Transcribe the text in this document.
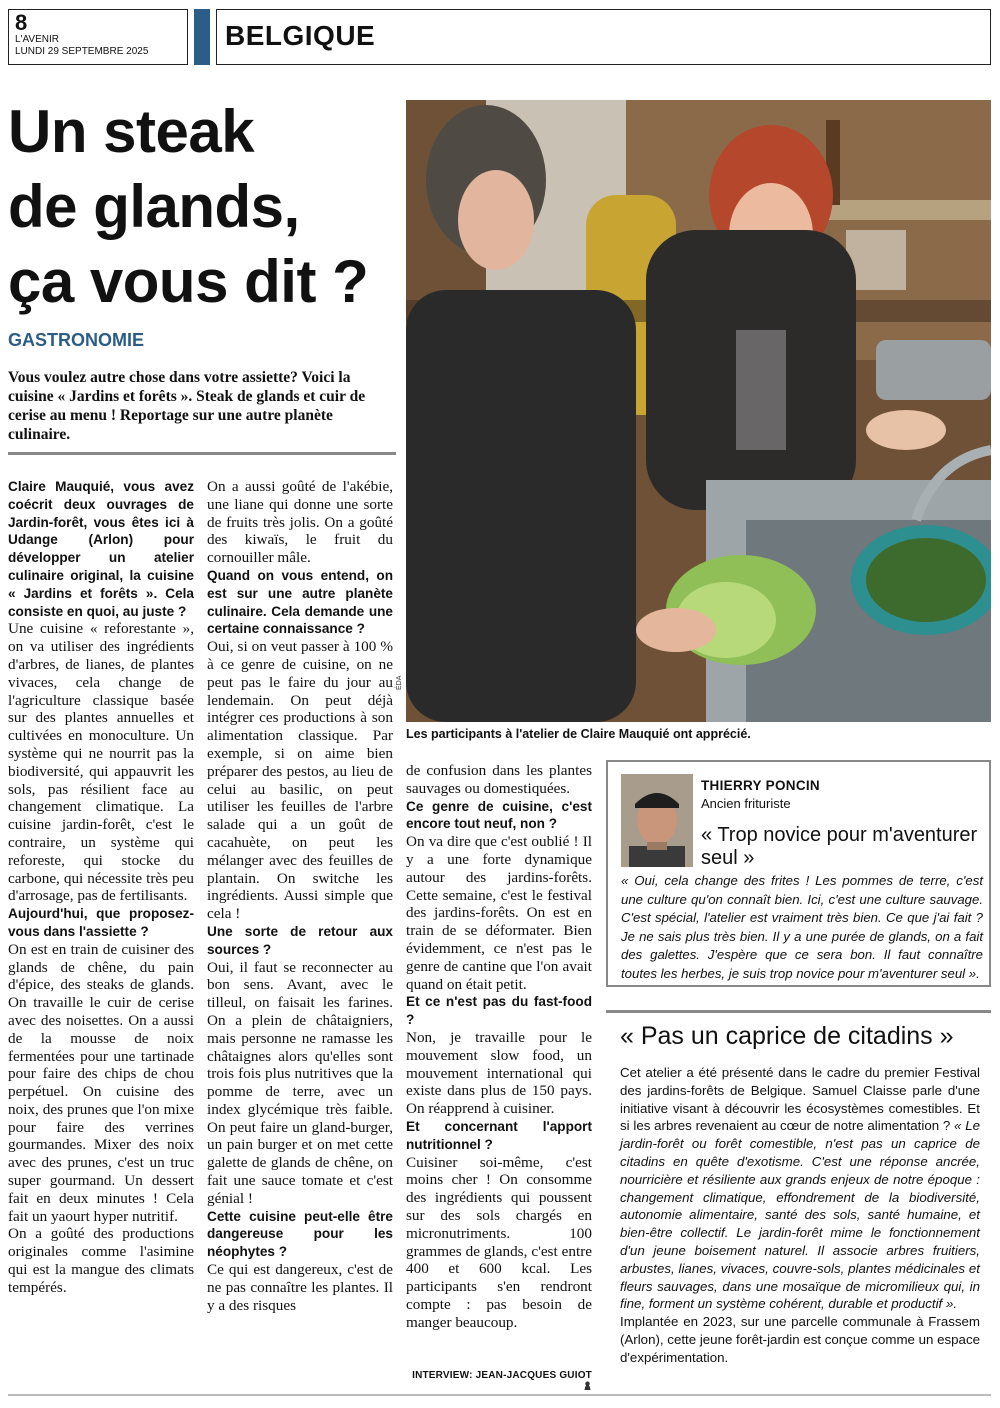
8
L'AVENIR
LUNDI 29 SEPTEMBRE 2025
BELGIQUE
Un steak
de glands,
ça vous dit ?
GASTRONOMIE

Vous voulez autre chose dans votre assiette? Voici la cuisine « Jardins et forêts ». Steak de glands et cuir de cerise au menu ! Reportage sur une autre planète culinaire.

ÉDA
Les participants à l'atelier de Claire Mauquié ont apprécié.
Claire Mauquié, vous avez coécrit deux ouvrages de Jardin-forêt, vous êtes ici à Udange (Arlon) pour développer un atelier culinaire original, la cuisine « Jardins et forêts ». Cela consiste en quoi, au juste ?
Une cuisine « reforestante », on va utiliser des ingrédients d'arbres, de lianes, de plantes vivaces, cela change de l'agriculture classique basée sur des plantes annuelles et cultivées en monoculture. Un système qui ne nourrit pas la biodiversité, qui appauvrit les sols, pas résilient face au changement climatique. La cuisine jardin-forêt, c'est le contraire, un système qui reforeste, qui stocke du carbone, qui nécessite très peu d'arrosage, pas de fertilisants.
Aujourd'hui, que proposez-vous dans l'assiette ?
On est en train de cuisiner des glands de chêne, du pain d'épice, des steaks de glands. On travaille le cuir de cerise avec des noisettes. On a aussi de la mousse de noix fermentées pour une tartinade pour faire des chips de chou perpétuel. On cuisine des noix, des prunes que l'on mixe pour faire des verrines gourmandes. Mixer des noix avec des prunes, c'est un truc super gourmand. Un dessert fait en deux minutes ! Cela fait un yaourt hyper nutritif.
On a goûté des productions originales comme l'asimine qui est la mangue des climats tempérés.
On a aussi goûté de l'akébie, une liane qui donne une sorte de fruits très jolis. On a goûté des kiwaïs, le fruit du cornouiller mâle.
Quand on vous entend, on est sur une autre planète culinaire. Cela demande une certaine connaissance ?
Oui, si on veut passer à 100 % à ce genre de cuisine, on ne peut pas le faire du jour au lendemain. On peut déjà intégrer ces productions à son alimentation classique. Par exemple, si on aime bien préparer des pestos, au lieu de celui au basilic, on peut utiliser les feuilles de l'arbre salade qui a un goût de cacahuète, on peut les mélanger avec des feuilles de plantain. On switche les ingrédients. Aussi simple que cela !
Une sorte de retour aux sources ?
Oui, il faut se reconnecter au bon sens. Avant, avec le tilleul, on faisait les farines. On a plein de châtaigniers, mais personne ne ramasse les châtaignes alors qu'elles sont trois fois plus nutritives que la pomme de terre, avec un index glycémique très faible. On peut faire un gland-burger, un pain burger et on met cette galette de glands de chêne, on fait une sauce tomate et c'est génial !
Cette cuisine peut-elle être dangereuse pour les néophytes ?
Ce qui est dangereux, c'est de ne pas connaître les plantes. Il y a des risques
de confusion dans les plantes sauvages ou domestiquées.
Ce genre de cuisine, c'est encore tout neuf, non ?
On va dire que c'est oublié ! Il y a une forte dynamique autour des jardins-forêts. Cette semaine, c'est le festival des jardins-forêts. On est en train de se déformater. Bien évidemment, ce n'est pas le genre de cantine que l'on avait quand on était petit.
Et ce n'est pas du fast-food ?
Non, je travaille pour le mouvement slow food, un mouvement international qui existe dans plus de 150 pays. On réapprend à cuisiner.
Et concernant l'apport nutritionnel ?
Cuisiner soi-même, c'est moins cher ! On consomme des ingrédients qui poussent sur des sols chargés en micronutriments. 100 grammes de glands, c'est entre 400 et 600 kcal. Les participants s'en rendront compte : pas besoin de manger beaucoup.
INTERVIEW: JEAN-JACQUES GUIOT
THIERRY PONCIN
Ancien frituriste
« Trop novice pour m'aventurer seul »
« Oui, cela change des frites ! Les pommes de terre, c'est une culture qu'on connaît bien. Ici, c'est une culture sauvage. C'est spécial, l'atelier est vraiment très bien. Ce que j'ai fait ? Je ne sais plus très bien. Il y a une purée de glands, on a fait des galettes. J'espère que ce sera bon. Il faut connaître toutes les herbes, je suis trop novice pour m'aventurer seul ».
« Pas un caprice de citadins »
Cet atelier a été présenté dans le cadre du premier Festival des jardins-forêts de Belgique. Samuel Claisse parle d'une initiative visant à découvrir les écosystèmes comestibles. Et si les arbres revenaient au cœur de notre alimentation ? « Le jardin-forêt ou forêt comestible, n'est pas un caprice de citadins en quête d'exotisme. C'est une réponse ancrée, nourricière et résiliente aux grands enjeux de notre époque : changement climatique, effondrement de la biodiversité, autonomie alimentaire, santé des sols, santé humaine, et bien-être collectif. Le jardin-forêt mime le fonctionnement d'un jeune boisement naturel. Il associe arbres fruitiers, arbustes, lianes, vivaces, couvre-sols, plantes médicinales et fleurs sauvages, dans une mosaïque de micromilieux qui, in fine, forment un système cohérent, durable et productif ».
Implantée en 2023, sur une parcelle communale à Frassem (Arlon), cette jeune forêt-jardin est conçue comme un espace d'expérimentation.
